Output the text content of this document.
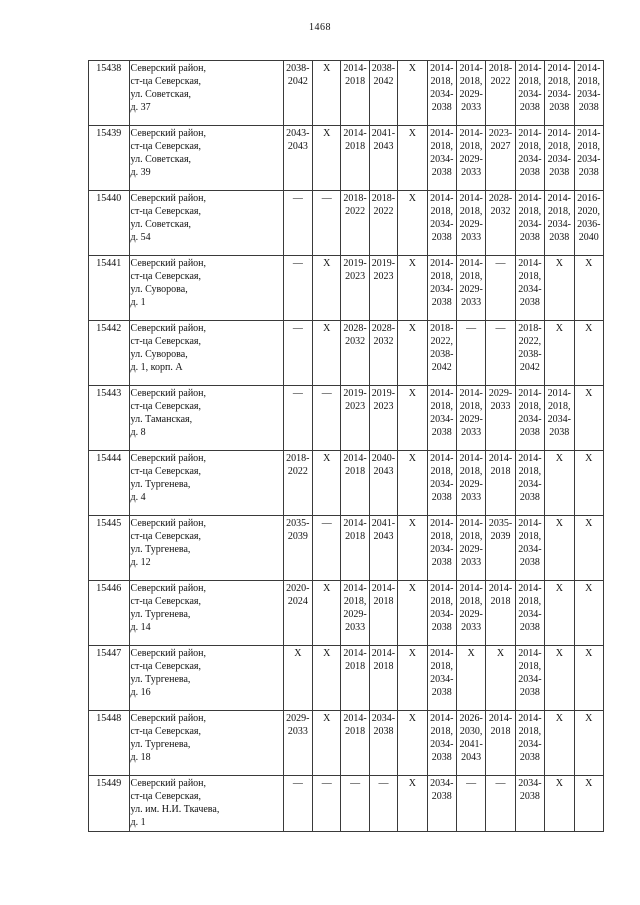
1468
15438	Северский район,
ст-ца Северская,
ул. Советская,
д. 37	2038-
2042	X	2014-
2018	2038-
2042	X	2014-
2018,
2034-
2038	2014-
2018,
2029-
2033	2018-
2022	2014-
2018,
2034-
2038	2014-
2018,
2034-
2038	2014-
2018,
2034-
2038
15439	Северский район,
ст-ца Северская,
ул. Советская,
д. 39	2043-
2043	X	2014-
2018	2041-
2043	X	2014-
2018,
2034-
2038	2014-
2018,
2029-
2033	2023-
2027	2014-
2018,
2034-
2038	2014-
2018,
2034-
2038	2014-
2018,
2034-
2038
15440	Северский район,
ст-ца Северская,
ул. Советская,
д. 54	—	—	2018-
2022	2018-
2022	X	2014-
2018,
2034-
2038	2014-
2018,
2029-
2033	2028-
2032	2014-
2018,
2034-
2038	2014-
2018,
2034-
2038	2016-
2020,
2036-
2040
15441	Северский район,
ст-ца Северская,
ул. Суворова,
д. 1	—	X	2019-
2023	2019-
2023	X	2014-
2018,
2034-
2038	2014-
2018,
2029-
2033	—	2014-
2018,
2034-
2038	X	X
15442	Северский район,
ст-ца Северская,
ул. Суворова,
д. 1, корп. А	—	X	2028-
2032	2028-
2032	X	2018-
2022,
2038-
2042	—	—	2018-
2022,
2038-
2042	X	X
15443	Северский район,
ст-ца Северская,
ул. Таманская,
д. 8	—	—	2019-
2023	2019-
2023	X	2014-
2018,
2034-
2038	2014-
2018,
2029-
2033	2029-
2033	2014-
2018,
2034-
2038	2014-
2018,
2034-
2038	X
15444	Северский район,
ст-ца Северская,
ул. Тургенева,
д. 4	2018-
2022	X	2014-
2018	2040-
2043	X	2014-
2018,
2034-
2038	2014-
2018,
2029-
2033	2014-
2018	2014-
2018,
2034-
2038	X	X
15445	Северский район,
ст-ца Северская,
ул. Тургенева,
д. 12	2035-
2039	—	2014-
2018	2041-
2043	X	2014-
2018,
2034-
2038	2014-
2018,
2029-
2033	2035-
2039	2014-
2018,
2034-
2038	X	X
15446	Северский район,
ст-ца Северская,
ул. Тургенева,
д. 14	2020-
2024	X	2014-
2018,
2029-
2033	2014-
2018	X	2014-
2018,
2034-
2038	2014-
2018,
2029-
2033	2014-
2018	2014-
2018,
2034-
2038	X	X
15447	Северский район,
ст-ца Северская,
ул. Тургенева,
д. 16	X	X	2014-
2018	2014-
2018	X	2014-
2018,
2034-
2038	X	X	2014-
2018,
2034-
2038	X	X
15448	Северский район,
ст-ца Северская,
ул. Тургенева,
д. 18	2029-
2033	X	2014-
2018	2034-
2038	X	2014-
2018,
2034-
2038	2026-
2030,
2041-
2043	2014-
2018	2014-
2018,
2034-
2038	X	X
15449	Северский район,
ст-ца Северская,
ул. им. Н.И. Ткачева,
д. 1	—	—	—	—	X	2034-
2038	—	—	2034-
2038	X	X
